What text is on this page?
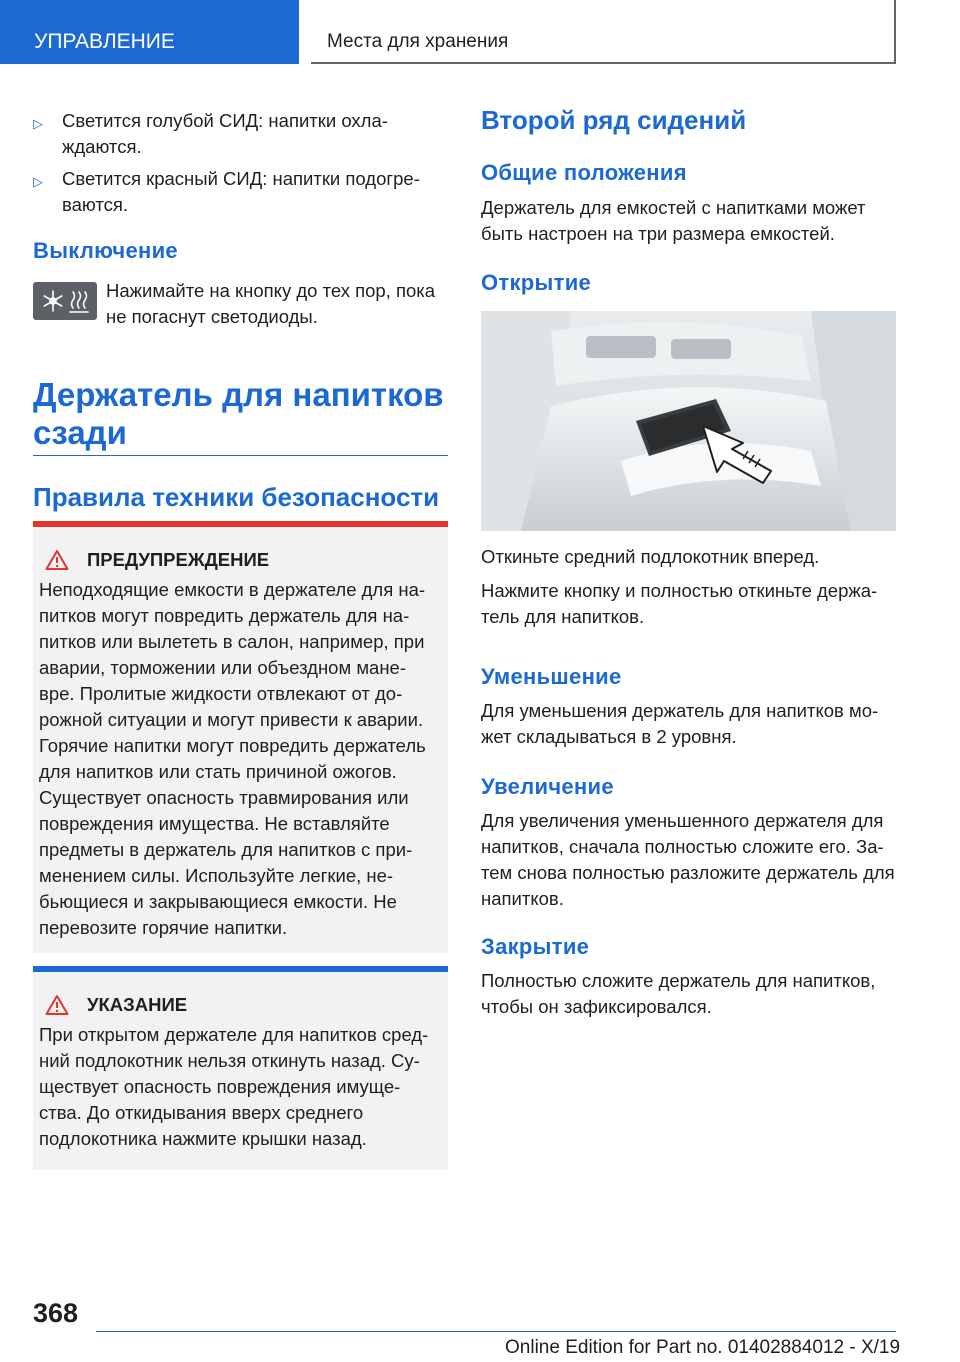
УПРАВЛЕНИЕ	Места для хранения
▷ Светится голубой СИД: напитки охла-ждаются.
▷ Светится красный СИД: напитки подогре-ваются.
Выключение

Нажимайте на кнопку до тех пор, пока не погаснут светодиоды.

Держатель для напитков сзади
Правила техники безопасности
ПРЕДУПРЕЖДЕНИЕ

Неподходящие емкости в держателе для на-питков могут повредить держатель для на-питков или вылететь в салон, например, при аварии, торможении или объездном мане-вре. Пролитые жидкости отвлекают от до-рожной ситуации и могут привести к аварии. Горячие напитки могут повредить держатель для напитков или стать причиной ожогов. Существует опасность травмирования или повреждения имущества. Не вставляйте предметы в держатель для напитков с при-менением силы. Используйте легкие, не-бьющиеся и закрывающиеся емкости. Не перевозите горячие напитки.

УКАЗАНИЕ

При открытом держателе для напитков сред-ний подлокотник нельзя откинуть назад. Су-ществует опасность повреждения имуще-ства. До откидывания вверх среднего подлокотника нажмите крышки назад.

Второй ряд сидений
Общие положения

Держатель для емкостей с напитками может быть настроен на три размера емкостей.

Открытие

Откиньте средний подлокотник вперед.

Нажмите кнопку и полностью откиньте держа-тель для напитков.

Уменьшение

Для уменьшения держатель для напитков мо-жет складываться в 2 уровня.

Увеличение

Для увеличения уменьшенного держателя для напитков, сначала полностью сложите его. За-тем снова полностью разложите держатель для напитков.

Закрытие

Полностью сложите держатель для напитков, чтобы он зафиксировался.

368
Online Edition for Part no. 01402884012 - X/19
